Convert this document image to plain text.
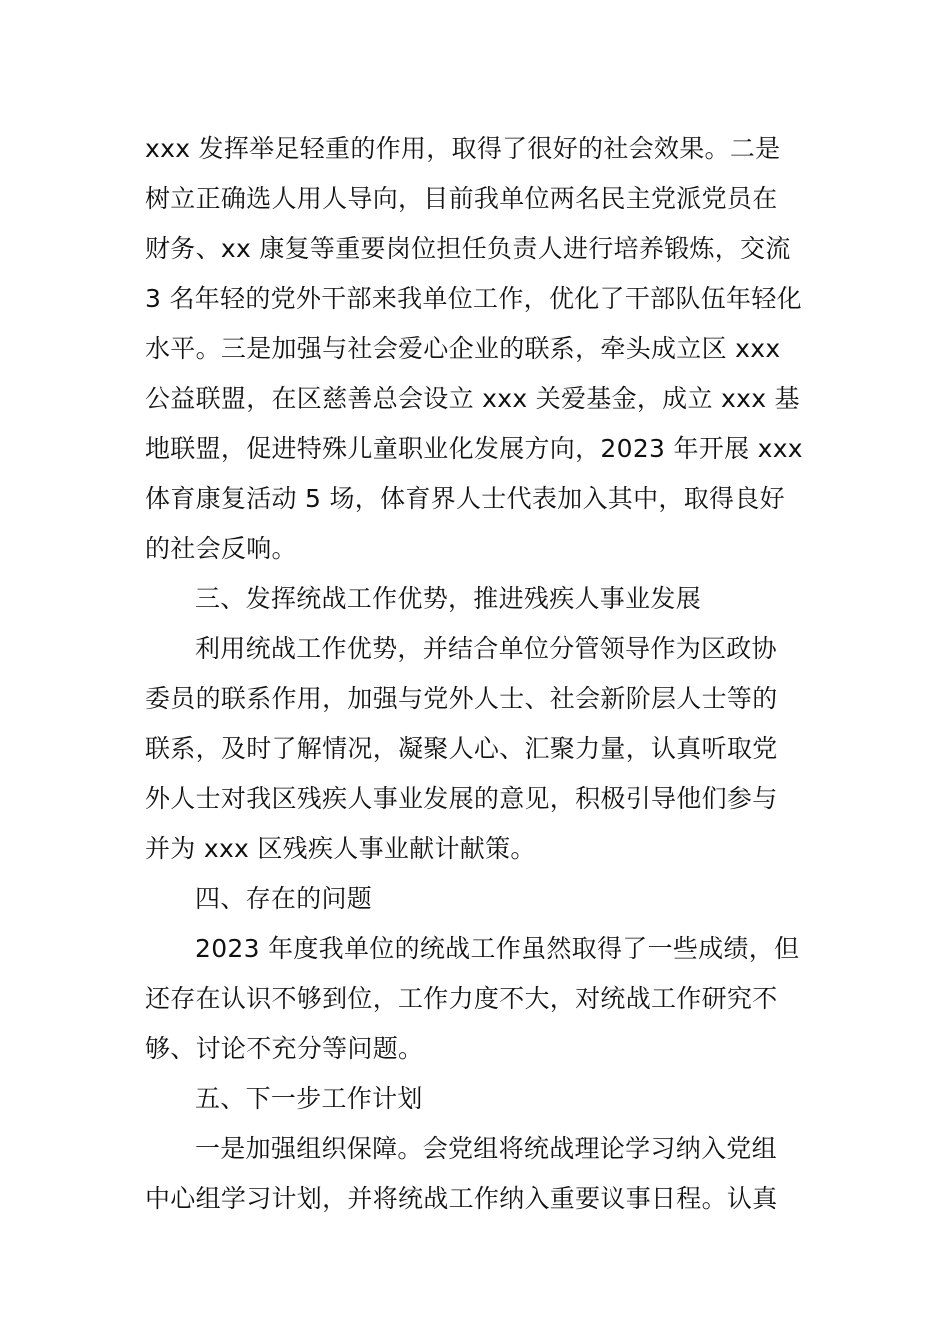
xxx 发挥举足轻重的作用，取得了很好的社会效果。二是
树立正确选人用人导向，目前我单位两名民主党派党员在
财务、xx 康复等重要岗位担任负责人进行培养锻炼，交流
3 名年轻的党外干部来我单位工作，优化了干部队伍年轻化
水平。三是加强与社会爱心企业的联系，牵头成立区 xxx
公益联盟，在区慈善总会设立 xxx 关爱基金，成立 xxx 基
地联盟，促进特殊儿童职业化发展方向，2023 年开展 xxx
体育康复活动 5 场，体育界人士代表加入其中，取得良好
的社会反响。
三、发挥统战工作优势，推进残疾人事业发展
利用统战工作优势，并结合单位分管领导作为区政协
委员的联系作用，加强与党外人士、社会新阶层人士等的
联系，及时了解情况，凝聚人心、汇聚力量，认真听取党
外人士对我区残疾人事业发展的意见，积极引导他们参与
并为 xxx 区残疾人事业献计献策。
四、存在的问题
2023 年度我单位的统战工作虽然取得了一些成绩，但
还存在认识不够到位，工作力度不大，对统战工作研究不
够、讨论不充分等问题。
五、下一步工作计划
一是加强组织保障。会党组将统战理论学习纳入党组
中心组学习计划，并将统战工作纳入重要议事日程。认真
